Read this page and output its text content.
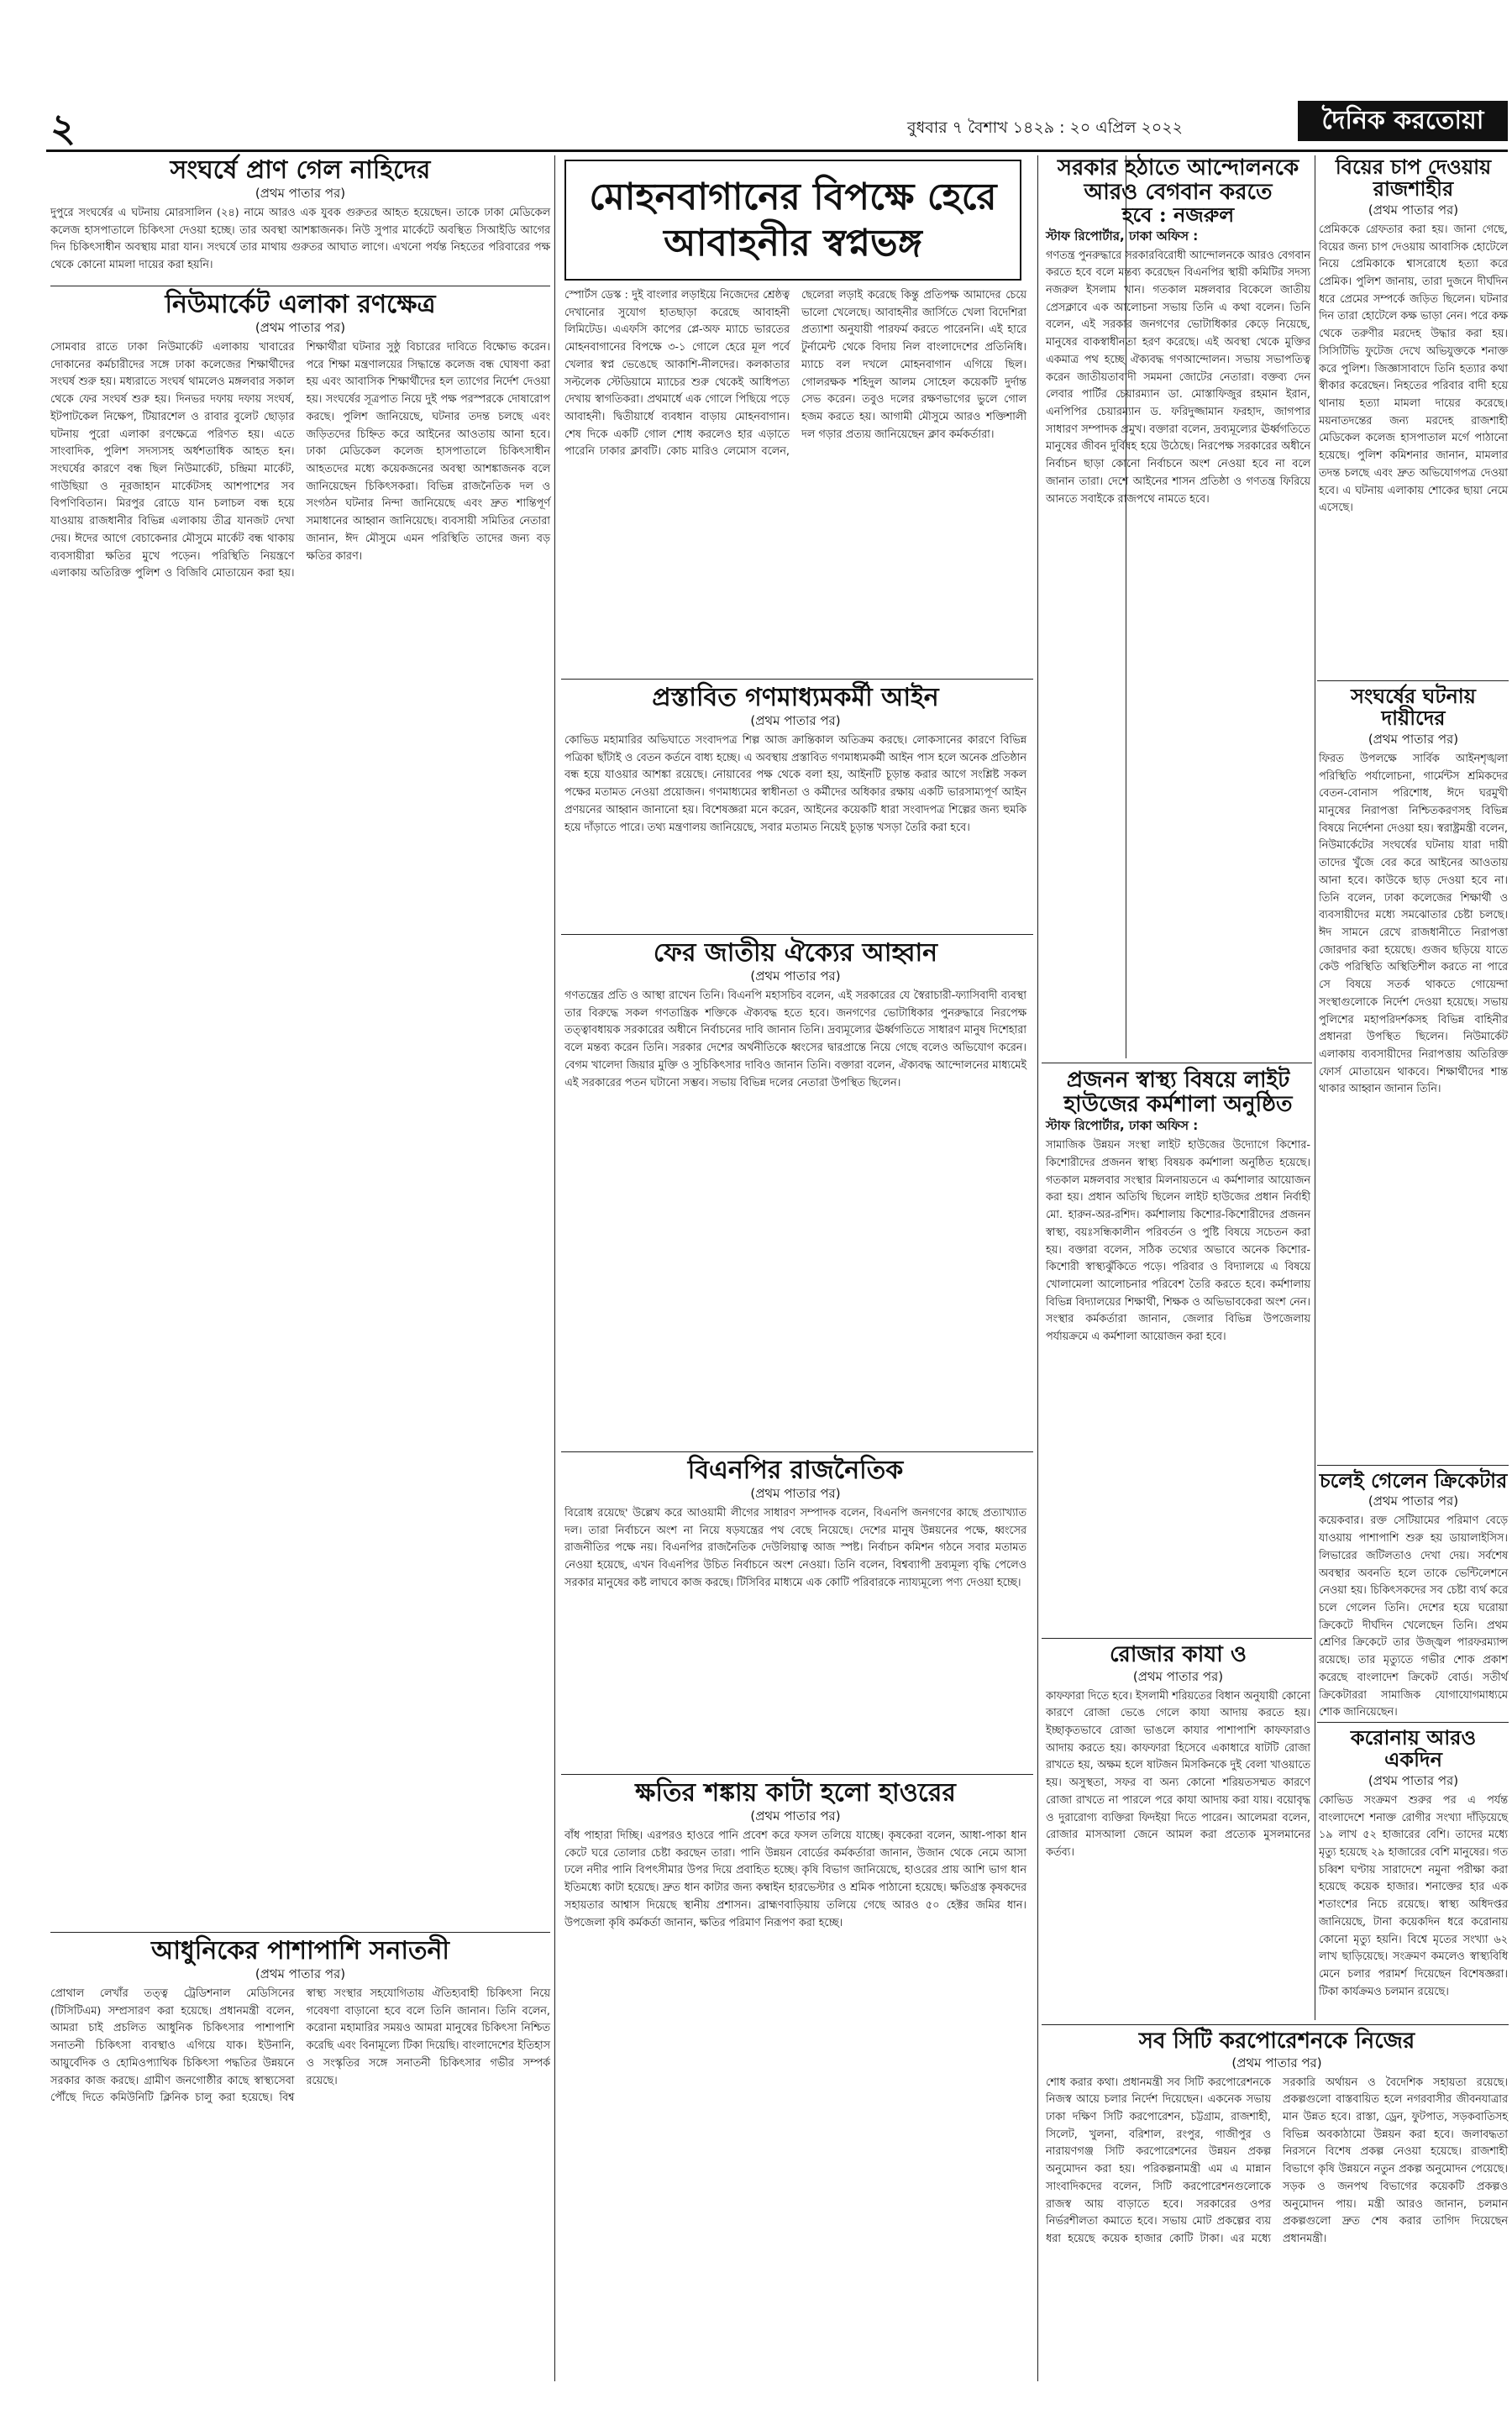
২	বুধবার ৭ বৈশাখ ১৪২৯ : ২০ এপ্রিল ২০২২	দৈনিক করতোয়া
সংঘর্ষে প্রাণ গেল নাহিদের
(প্রথম পাতার পর)
দুপুরে সংঘর্ষের এ ঘটনায় মোরসালিন (২৪) নামে আরও এক যুবক গুরুতর আহত হয়েছেন। তাকে ঢাকা মেডিকেল কলেজ হাসপাতালে চিকিৎসা দেওয়া হচ্ছে। তার অবস্থা আশঙ্কাজনক। নিউ সুপার মার্কেটে অবস্থিত সিআইডি আগের দিন চিকিৎসাধীন অবস্থায় মারা যান। সংঘর্ষে তার মাথায় গুরুতর আঘাত লাগে। এখনো পর্যন্ত নিহতের পরিবারের পক্ষ থেকে কোনো মামলা দায়ের করা হয়নি।
নিউমার্কেট এলাকা রণক্ষেত্র
(প্রথম পাতার পর)
সোমবার রাতে ঢাকা নিউমার্কেট এলাকায় খাবারের দোকানের কর্মচারীদের সঙ্গে ঢাকা কলেজের শিক্ষার্থীদের সংঘর্ষ শুরু হয়। মধ্যরাতে সংঘর্ষ থামলেও মঙ্গলবার সকাল থেকে ফের সংঘর্ষ শুরু হয়। দিনভর দফায় দফায় সংঘর্ষ, ইটপাটকেল নিক্ষেপ, টিয়ারশেল ও রাবার বুলেট ছোড়ার ঘটনায় পুরো এলাকা রণক্ষেত্রে পরিণত হয়। এতে সাংবাদিক, পুলিশ সদস্যসহ অর্ধশতাধিক আহত হন। সংঘর্ষের কারণে বন্ধ ছিল নিউমার্কেট, চন্দ্রিমা মার্কেট, গাউছিয়া ও নূরজাহান মার্কেটসহ আশপাশের সব বিপণিবিতান। মিরপুর রোডে যান চলাচল বন্ধ হয়ে যাওয়ায় রাজধানীর বিভিন্ন এলাকায় তীব্র যানজট দেখা দেয়। ঈদের আগে বেচাকেনার মৌসুমে মার্কেট বন্ধ থাকায় ব্যবসায়ীরা ক্ষতির মুখে পড়েন। পরিস্থিতি নিয়ন্ত্রণে এলাকায় অতিরিক্ত পুলিশ ও বিজিবি মোতায়েন করা হয়। শিক্ষার্থীরা ঘটনার সুষ্ঠু বিচারের দাবিতে বিক্ষোভ করেন। পরে শিক্ষা মন্ত্রণালয়ের সিদ্ধান্তে কলেজ বন্ধ ঘোষণা করা হয় এবং আবাসিক শিক্ষার্থীদের হল ত্যাগের নির্দেশ দেওয়া হয়। সংঘর্ষের সূত্রপাত নিয়ে দুই পক্ষ পরস্পরকে দোষারোপ করছে। পুলিশ জানিয়েছে, ঘটনার তদন্ত চলছে এবং জড়িতদের চিহ্নিত করে আইনের আওতায় আনা হবে। ঢাকা মেডিকেল কলেজ হাসপাতালে চিকিৎসাধীন আহতদের মধ্যে কয়েকজনের অবস্থা আশঙ্কাজনক বলে জানিয়েছেন চিকিৎসকরা। বিভিন্ন রাজনৈতিক দল ও সংগঠন ঘটনার নিন্দা জানিয়েছে এবং দ্রুত শান্তিপূর্ণ সমাধানের আহ্বান জানিয়েছে। ব্যবসায়ী সমিতির নেতারা জানান, ঈদ মৌসুমে এমন পরিস্থিতি তাদের জন্য বড় ক্ষতির কারণ।
আধুনিকের পাশাপাশি সনাতনী
(প্রথম পাতার পর)
প্রোথাল লেখাঁর তত্ত্ব ট্রেডিশনাল মেডিসিনের (টিসিটিএম) সম্প্রসারণ করা হয়েছে। প্রধানমন্ত্রী বলেন, আমরা চাই প্রচলিত আধুনিক চিকিৎসার পাশাপাশি সনাতনী চিকিৎসা ব্যবস্থাও এগিয়ে যাক। ইউনানি, আয়ুর্বেদিক ও হোমিওপ্যাথিক চিকিৎসা পদ্ধতির উন্নয়নে সরকার কাজ করছে। গ্রামীণ জনগোষ্ঠীর কাছে স্বাস্থ্যসেবা পৌঁছে দিতে কমিউনিটি ক্লিনিক চালু করা হয়েছে। বিশ্ব স্বাস্থ্য সংস্থার সহযোগিতায় ঐতিহ্যবাহী চিকিৎসা নিয়ে গবেষণা বাড়ানো হবে বলে তিনি জানান। তিনি বলেন, করোনা মহামারির সময়ও আমরা মানুষের চিকিৎসা নিশ্চিত করেছি এবং বিনামূল্যে টিকা দিয়েছি। বাংলাদেশের ইতিহাস ও সংস্কৃতির সঙ্গে সনাতনী চিকিৎসার গভীর সম্পর্ক রয়েছে।
মোহনবাগানের বিপক্ষে হেরে আবাহনীর স্বপ্নভঙ্গ
স্পোর্টস ডেস্ক : দুই বাংলার লড়াইয়ে নিজেদের শ্রেষ্ঠত্ব দেখানোর সুযোগ হাতছাড়া করেছে আবাহনী লিমিটেড। এএফসি কাপের প্লে-অফ ম্যাচে ভারতের মোহনবাগানের বিপক্ষে ৩-১ গোলে হেরে মূল পর্বে খেলার স্বপ্ন ভেঙেছে আকাশি-নীলদের। কলকাতার সল্টলেক স্টেডিয়ামে ম্যাচের শুরু থেকেই আধিপত্য দেখায় স্বাগতিকরা। প্রথমার্ধে এক গোলে পিছিয়ে পড়ে আবাহনী। দ্বিতীয়ার্ধে ব্যবধান বাড়ায় মোহনবাগান। শেষ দিকে একটি গোল শোধ করলেও হার এড়াতে পারেনি ঢাকার ক্লাবটি। কোচ মারিও লেমোস বলেন, ছেলেরা লড়াই করেছে কিন্তু প্রতিপক্ষ আমাদের চেয়ে ভালো খেলেছে। আবাহনীর জার্সিতে খেলা বিদেশিরা প্রত্যাশা অনুযায়ী পারফর্ম করতে পারেননি। এই হারে টুর্নামেন্ট থেকে বিদায় নিল বাংলাদেশের প্রতিনিধি। ম্যাচে বল দখলে মোহনবাগান এগিয়ে ছিল। গোলরক্ষক শহিদুল আলম সোহেল কয়েকটি দুর্দান্ত সেভ করেন। তবুও দলের রক্ষণভাগের ভুলে গোল হজম করতে হয়। আগামী মৌসুমে আরও শক্তিশালী দল গড়ার প্রত্যয় জানিয়েছেন ক্লাব কর্মকর্তারা।
প্রস্তাবিত গণমাধ্যমকর্মী আইন
(প্রথম পাতার পর)
কোভিড মহামারির অভিঘাতে সংবাদপত্র শিল্প আজ ক্রান্তিকাল অতিক্রম করছে। লোকসানের কারণে বিভিন্ন পত্রিকা ছাঁটাই ও বেতন কর্তনে বাধ্য হচ্ছে। এ অবস্থায় প্রস্তাবিত গণমাধ্যমকর্মী আইন পাস হলে অনেক প্রতিষ্ঠান বন্ধ হয়ে যাওয়ার আশঙ্কা রয়েছে। নোয়াবের পক্ষ থেকে বলা হয়, আইনটি চূড়ান্ত করার আগে সংশ্লিষ্ট সকল পক্ষের মতামত নেওয়া প্রয়োজন। গণমাধ্যমের স্বাধীনতা ও কর্মীদের অধিকার রক্ষায় একটি ভারসাম্যপূর্ণ আইন প্রণয়নের আহ্বান জানানো হয়। বিশেষজ্ঞরা মনে করেন, আইনের কয়েকটি ধারা সংবাদপত্র শিল্পের জন্য হুমকি হয়ে দাঁড়াতে পারে। তথ্য মন্ত্রণালয় জানিয়েছে, সবার মতামত নিয়েই চূড়ান্ত খসড়া তৈরি করা হবে।
ফের জাতীয় ঐক্যের আহ্বান
(প্রথম পাতার পর)
গণতন্ত্রের প্রতি ও আস্থা রাখেন তিনি। বিএনপি মহাসচিব বলেন, এই সরকারের যে স্বৈরাচারী-ফ্যাসিবাদী ব্যবস্থা তার বিরুদ্ধে সকল গণতান্ত্রিক শক্তিকে ঐক্যবদ্ধ হতে হবে। জনগণের ভোটাধিকার পুনরুদ্ধারে নিরপেক্ষ তত্ত্বাবধায়ক সরকারের অধীনে নির্বাচনের দাবি জানান তিনি। দ্রব্যমূল্যের ঊর্ধ্বগতিতে সাধারণ মানুষ দিশেহারা বলে মন্তব্য করেন তিনি। সরকার দেশের অর্থনীতিকে ধ্বংসের দ্বারপ্রান্তে নিয়ে গেছে বলেও অভিযোগ করেন। বেগম খালেদা জিয়ার মুক্তি ও সুচিকিৎসার দাবিও জানান তিনি। বক্তারা বলেন, ঐক্যবদ্ধ আন্দোলনের মাধ্যমেই এই সরকারের পতন ঘটানো সম্ভব। সভায় বিভিন্ন দলের নেতারা উপস্থিত ছিলেন।
বিএনপির রাজনৈতিক
(প্রথম পাতার পর)
বিরোধ রয়েছে' উল্লেখ করে আওয়ামী লীগের সাধারণ সম্পাদক বলেন, বিএনপি জনগণের কাছে প্রত্যাখ্যাত দল। তারা নির্বাচনে অংশ না নিয়ে ষড়যন্ত্রের পথ বেছে নিয়েছে। দেশের মানুষ উন্নয়নের পক্ষে, ধ্বংসের রাজনীতির পক্ষে নয়। বিএনপির রাজনৈতিক দেউলিয়াত্ব আজ স্পষ্ট। নির্বাচন কমিশন গঠনে সবার মতামত নেওয়া হয়েছে, এখন বিএনপির উচিত নির্বাচনে অংশ নেওয়া। তিনি বলেন, বিশ্বব্যাপী দ্রব্যমূল্য বৃদ্ধি পেলেও সরকার মানুষের কষ্ট লাঘবে কাজ করছে। টিসিবির মাধ্যমে এক কোটি পরিবারকে ন্যায্যমূল্যে পণ্য দেওয়া হচ্ছে।
ক্ষতির শঙ্কায় কাটা হলো হাওরের
(প্রথম পাতার পর)
বাঁধ পাহারা দিচ্ছি। এরপরও হাওরে পানি প্রবেশ করে ফসল তলিয়ে যাচ্ছে। কৃষকেরা বলেন, আধা-পাকা ধান কেটে ঘরে তোলার চেষ্টা করছেন তারা। পানি উন্নয়ন বোর্ডের কর্মকর্তারা জানান, উজান থেকে নেমে আসা ঢলে নদীর পানি বিপৎসীমার উপর দিয়ে প্রবাহিত হচ্ছে। কৃষি বিভাগ জানিয়েছে, হাওরের প্রায় আশি ভাগ ধান ইতিমধ্যে কাটা হয়েছে। দ্রুত ধান কাটার জন্য কম্বাইন হারভেস্টার ও শ্রমিক পাঠানো হয়েছে। ক্ষতিগ্রস্ত কৃষকদের সহায়তার আশ্বাস দিয়েছে স্থানীয় প্রশাসন। ব্রাহ্মণবাড়িয়ায় তলিয়ে গেছে আরও ৫০ হেক্টর জমির ধান। উপজেলা কৃষি কর্মকর্তা জানান, ক্ষতির পরিমাণ নিরূপণ করা হচ্ছে।
সরকার হঠাতে আন্দোলনকে আরও বেগবান করতে
হবে : নজরুল
স্টাফ রিপোর্টার, ঢাকা অফিস :
গণতন্ত্র পুনরুদ্ধারে সরকারবিরোধী আন্দোলনকে আরও বেগবান করতে হবে বলে মন্তব্য করেছেন বিএনপির স্থায়ী কমিটির সদস্য নজরুল ইসলাম খান। গতকাল মঙ্গলবার বিকেলে জাতীয় প্রেসক্লাবে এক আলোচনা সভায় তিনি এ কথা বলেন। তিনি বলেন, এই সরকার জনগণের ভোটাধিকার কেড়ে নিয়েছে, মানুষের বাকস্বাধীনতা হরণ করেছে। এই অবস্থা থেকে মুক্তির একমাত্র পথ হচ্ছে ঐক্যবদ্ধ গণআন্দোলন। সভায় সভাপতিত্ব করেন জাতীয়তাবাদী সমমনা জোটের নেতারা। বক্তব্য দেন লেবার পার্টির চেয়ারম্যান ডা. মোস্তাফিজুর রহমান ইরান, এনপিপির চেয়ারম্যান ড. ফরিদুজ্জামান ফরহাদ, জাগপার সাধারণ সম্পাদক প্রমুখ। বক্তারা বলেন, দ্রব্যমূল্যের ঊর্ধ্বগতিতে মানুষের জীবন দুর্বিষহ হয়ে উঠেছে। নিরপেক্ষ সরকারের অধীনে নির্বাচন ছাড়া কোনো নির্বাচনে অংশ নেওয়া হবে না বলে জানান তারা। দেশে আইনের শাসন প্রতিষ্ঠা ও গণতন্ত্র ফিরিয়ে আনতে সবাইকে রাজপথে নামতে হবে।
প্রজনন স্বাস্থ্য বিষয়ে লাইট হাউজের কর্মশালা অনুষ্ঠিত
স্টাফ রিপোর্টার, ঢাকা অফিস :
সামাজিক উন্নয়ন সংস্থা লাইট হাউজের উদ্যোগে কিশোর-কিশোরীদের প্রজনন স্বাস্থ্য বিষয়ক কর্মশালা অনুষ্ঠিত হয়েছে। গতকাল মঙ্গলবার সংস্থার মিলনায়তনে এ কর্মশালার আয়োজন করা হয়। প্রধান অতিথি ছিলেন লাইট হাউজের প্রধান নির্বাহী মো. হারুন-অর-রশিদ। কর্মশালায় কিশোর-কিশোরীদের প্রজনন স্বাস্থ্য, বয়ঃসন্ধিকালীন পরিবর্তন ও পুষ্টি বিষয়ে সচেতন করা হয়। বক্তারা বলেন, সঠিক তথ্যের অভাবে অনেক কিশোর-কিশোরী স্বাস্থ্যঝুঁকিতে পড়ে। পরিবার ও বিদ্যালয়ে এ বিষয়ে খোলামেলা আলোচনার পরিবেশ তৈরি করতে হবে। কর্মশালায় বিভিন্ন বিদ্যালয়ের শিক্ষার্থী, শিক্ষক ও অভিভাবকেরা অংশ নেন। সংস্থার কর্মকর্তারা জানান, জেলার বিভিন্ন উপজেলায় পর্যায়ক্রমে এ কর্মশালা আয়োজন করা হবে।
রোজার কাযা ও
(প্রথম পাতার পর)
কাফফারা দিতে হবে। ইসলামী শরিয়তের বিধান অনুযায়ী কোনো কারণে রোজা ভেঙে গেলে কাযা আদায় করতে হয়। ইচ্ছাকৃতভাবে রোজা ভাঙলে কাযার পাশাপাশি কাফফারাও আদায় করতে হয়। কাফফারা হিসেবে একাধারে ষাটটি রোজা রাখতে হয়, অক্ষম হলে ষাটজন মিসকিনকে দুই বেলা খাওয়াতে হয়। অসুস্থতা, সফর বা অন্য কোনো শরিয়তসম্মত কারণে রোজা রাখতে না পারলে পরে কাযা আদায় করা যায়। বয়োবৃদ্ধ ও দুরারোগ্য ব্যক্তিরা ফিদইয়া দিতে পারেন। আলেমরা বলেন, রোজার মাসআলা জেনে আমল করা প্রত্যেক মুসলমানের কর্তব্য।
বিয়ের চাপ দেওয়ায় রাজশাহীর
(প্রথম পাতার পর)
প্রেমিককে গ্রেফতার করা হয়। জানা গেছে, বিয়ের জন্য চাপ দেওয়ায় আবাসিক হোটেলে নিয়ে প্রেমিকাকে শ্বাসরোধে হত্যা করে প্রেমিক। পুলিশ জানায়, তারা দুজনে দীর্ঘদিন ধরে প্রেমের সম্পর্কে জড়িত ছিলেন। ঘটনার দিন তারা হোটেলে কক্ষ ভাড়া নেন। পরে কক্ষ থেকে তরুণীর মরদেহ উদ্ধার করা হয়। সিসিটিভি ফুটেজ দেখে অভিযুক্তকে শনাক্ত করে পুলিশ। জিজ্ঞাসাবাদে তিনি হত্যার কথা স্বীকার করেছেন। নিহতের পরিবার বাদী হয়ে থানায় হত্যা মামলা দায়ের করেছে। ময়নাতদন্তের জন্য মরদেহ রাজশাহী মেডিকেল কলেজ হাসপাতাল মর্গে পাঠানো হয়েছে। পুলিশ কমিশনার জানান, মামলার তদন্ত চলছে এবং দ্রুত অভিযোগপত্র দেওয়া হবে। এ ঘটনায় এলাকায় শোকের ছায়া নেমে এসেছে।
সংঘর্ষের ঘটনায় দায়ীদের
(প্রথম পাতার পর)
ফিরত উপলক্ষে সার্বিক আইনশৃঙ্খলা পরিস্থিতি পর্যালোচনা, গার্মেন্টস শ্রমিকদের বেতন-বোনাস পরিশোধ, ঈদে ঘরমুখী মানুষের নিরাপত্তা নিশ্চিতকরণসহ বিভিন্ন বিষয়ে নির্দেশনা দেওয়া হয়। স্বরাষ্ট্রমন্ত্রী বলেন, নিউমার্কেটের সংঘর্ষের ঘটনায় যারা দায়ী তাদের খুঁজে বের করে আইনের আওতায় আনা হবে। কাউকে ছাড় দেওয়া হবে না। তিনি বলেন, ঢাকা কলেজের শিক্ষার্থী ও ব্যবসায়ীদের মধ্যে সমঝোতার চেষ্টা চলছে। ঈদ সামনে রেখে রাজধানীতে নিরাপত্তা জোরদার করা হয়েছে। গুজব ছড়িয়ে যাতে কেউ পরিস্থিতি অস্থিতিশীল করতে না পারে সে বিষয়ে সতর্ক থাকতে গোয়েন্দা সংস্থাগুলোকে নির্দেশ দেওয়া হয়েছে। সভায় পুলিশের মহাপরিদর্শকসহ বিভিন্ন বাহিনীর প্রধানরা উপস্থিত ছিলেন। নিউমার্কেট এলাকায় ব্যবসায়ীদের নিরাপত্তায় অতিরিক্ত ফোর্স মোতায়েন থাকবে। শিক্ষার্থীদের শান্ত থাকার আহ্বান জানান তিনি।
চলেই গেলেন ক্রিকেটার
(প্রথম পাতার পর)
কয়েকবার। রক্ত সেটিয়ামের পরিমাণ বেড়ে যাওয়ায় পাশাপাশি শুরু হয় ডায়ালাইসিস। লিভারের জটিলতাও দেখা দেয়। সর্বশেষ অবস্থার অবনতি হলে তাকে ভেন্টিলেশনে নেওয়া হয়। চিকিৎসকদের সব চেষ্টা ব্যর্থ করে চলে গেলেন তিনি। দেশের হয়ে ঘরোয়া ক্রিকেটে দীর্ঘদিন খেলেছেন তিনি। প্রথম শ্রেণির ক্রিকেটে তার উজ্জ্বল পারফরম্যান্স রয়েছে। তার মৃত্যুতে গভীর শোক প্রকাশ করেছে বাংলাদেশ ক্রিকেট বোর্ড। সতীর্থ ক্রিকেটাররা সামাজিক যোগাযোগমাধ্যমে শোক জানিয়েছেন।
করোনায় আরও একদিন
(প্রথম পাতার পর)
কোভিড সংক্রমণ শুরুর পর এ পর্যন্ত বাংলাদেশে শনাক্ত রোগীর সংখ্যা দাঁড়িয়েছে ১৯ লাখ ৫২ হাজারের বেশি। তাদের মধ্যে মৃত্যু হয়েছে ২৯ হাজারের বেশি মানুষের। গত চব্বিশ ঘণ্টায় সারাদেশে নমুনা পরীক্ষা করা হয়েছে কয়েক হাজার। শনাক্তের হার এক শতাংশের নিচে রয়েছে। স্বাস্থ্য অধিদপ্তর জানিয়েছে, টানা কয়েকদিন ধরে করোনায় কোনো মৃত্যু হয়নি। বিশ্বে মৃতের সংখ্যা ৬২ লাখ ছাড়িয়েছে। সংক্রমণ কমলেও স্বাস্থ্যবিধি মেনে চলার পরামর্শ দিয়েছেন বিশেষজ্ঞরা। টিকা কার্যক্রমও চলমান রয়েছে।
সব সিটি করপোরেশনকে নিজের
(প্রথম পাতার পর)
শোধ করার কথা। প্রধানমন্ত্রী সব সিটি করপোরেশনকে নিজস্ব আয়ে চলার নির্দেশ দিয়েছেন। একনেক সভায় ঢাকা দক্ষিণ সিটি করপোরেশন, চট্টগ্রাম, রাজশাহী, সিলেট, খুলনা, বরিশাল, রংপুর, গাজীপুর ও নারায়ণগঞ্জ সিটি করপোরেশনের উন্নয়ন প্রকল্প অনুমোদন করা হয়। পরিকল্পনামন্ত্রী এম এ মান্নান সাংবাদিকদের বলেন, সিটি করপোরেশনগুলোকে রাজস্ব আয় বাড়াতে হবে। সরকারের ওপর নির্ভরশীলতা কমাতে হবে। সভায় মোট প্রকল্পের ব্যয় ধরা হয়েছে কয়েক হাজার কোটি টাকা। এর মধ্যে সরকারি অর্থায়ন ও বৈদেশিক সহায়তা রয়েছে। প্রকল্পগুলো বাস্তবায়িত হলে নগরবাসীর জীবনযাত্রার মান উন্নত হবে। রাস্তা, ড্রেন, ফুটপাত, সড়কবাতিসহ বিভিন্ন অবকাঠামো উন্নয়ন করা হবে। জলাবদ্ধতা নিরসনে বিশেষ প্রকল্প নেওয়া হয়েছে। রাজশাহী বিভাগে কৃষি উন্নয়নে নতুন প্রকল্প অনুমোদন পেয়েছে। সড়ক ও জনপথ বিভাগের কয়েকটি প্রকল্পও অনুমোদন পায়। মন্ত্রী আরও জানান, চলমান প্রকল্পগুলো দ্রুত শেষ করার তাগিদ দিয়েছেন প্রধানমন্ত্রী।
